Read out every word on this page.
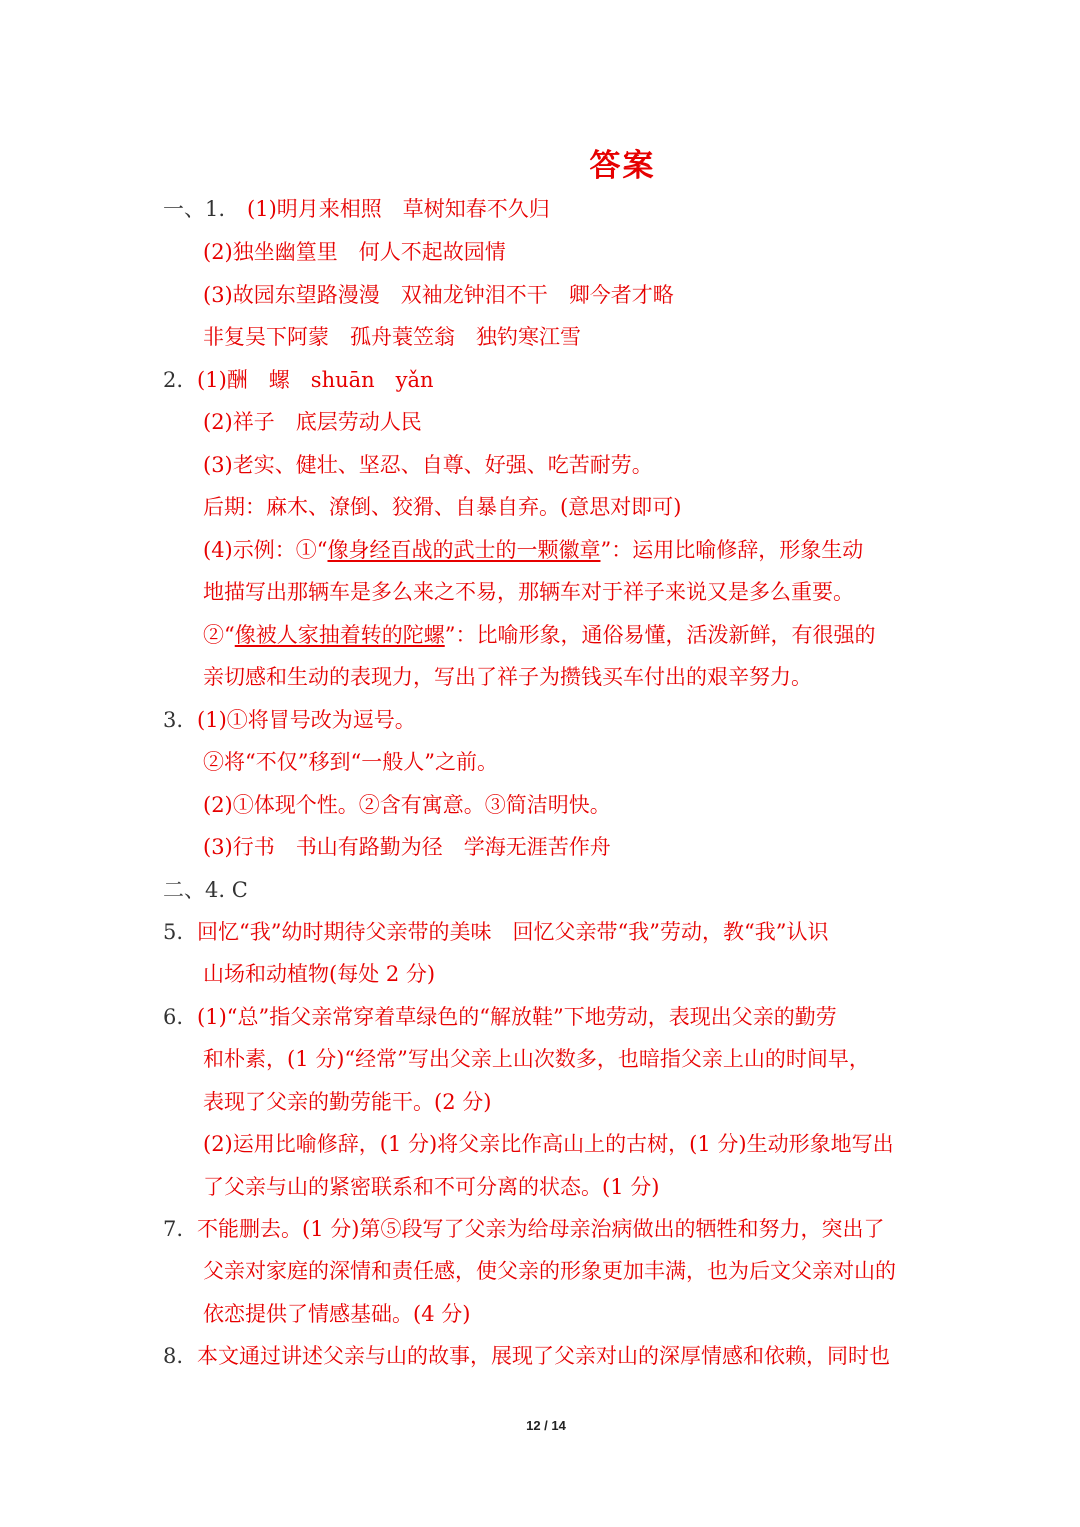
答案
一、1. (1)明月来相照　草树知春不久归
(2)独坐幽篁里　何人不起故园情
(3)故园东望路漫漫　双袖龙钟泪不干　卿今者才略
非复吴下阿蒙　孤舟蓑笠翁　独钓寒江雪
2. (1)酬　螺　shuān　yǎn
(2)祥子　底层劳动人民
(3)老实、健壮、坚忍、自尊、好强、吃苦耐劳。
后期：麻木、潦倒、狡猾、自暴自弃。(意思对即可)
(4)示例：①“像身经百战的武士的一颗徽章”：运用比喻修辞，形象生动
地描写出那辆车是多么来之不易，那辆车对于祥子来说又是多么重要。
②“像被人家抽着转的陀螺”：比喻形象，通俗易懂，活泼新鲜，有很强的
亲切感和生动的表现力，写出了祥子为攒钱买车付出的艰辛努力。
3. (1)①将冒号改为逗号。
②将“不仅”移到“一般人”之前。
(2)①体现个性。②含有寓意。③简洁明快。
(3)行书　书山有路勤为径　学海无涯苦作舟
二、4. C
5. 回忆“我”幼时期待父亲带的美味　回忆父亲带“我”劳动，教“我”认识
山场和动植物(每处 2 分)
6. (1)“总”指父亲常穿着草绿色的“解放鞋”下地劳动，表现出父亲的勤劳
和朴素，(1 分)“经常”写出父亲上山次数多，也暗指父亲上山的时间早，
表现了父亲的勤劳能干。(2 分)
(2)运用比喻修辞，(1 分)将父亲比作高山上的古树，(1 分)生动形象地写出
了父亲与山的紧密联系和不可分离的状态。(1 分)
7. 不能删去。(1 分)第⑤段写了父亲为给母亲治病做出的牺牲和努力，突出了
父亲对家庭的深情和责任感，使父亲的形象更加丰满，也为后文父亲对山的
依恋提供了情感基础。(4 分)
8. 本文通过讲述父亲与山的故事，展现了父亲对山的深厚情感和依赖，同时也
12 / 14
